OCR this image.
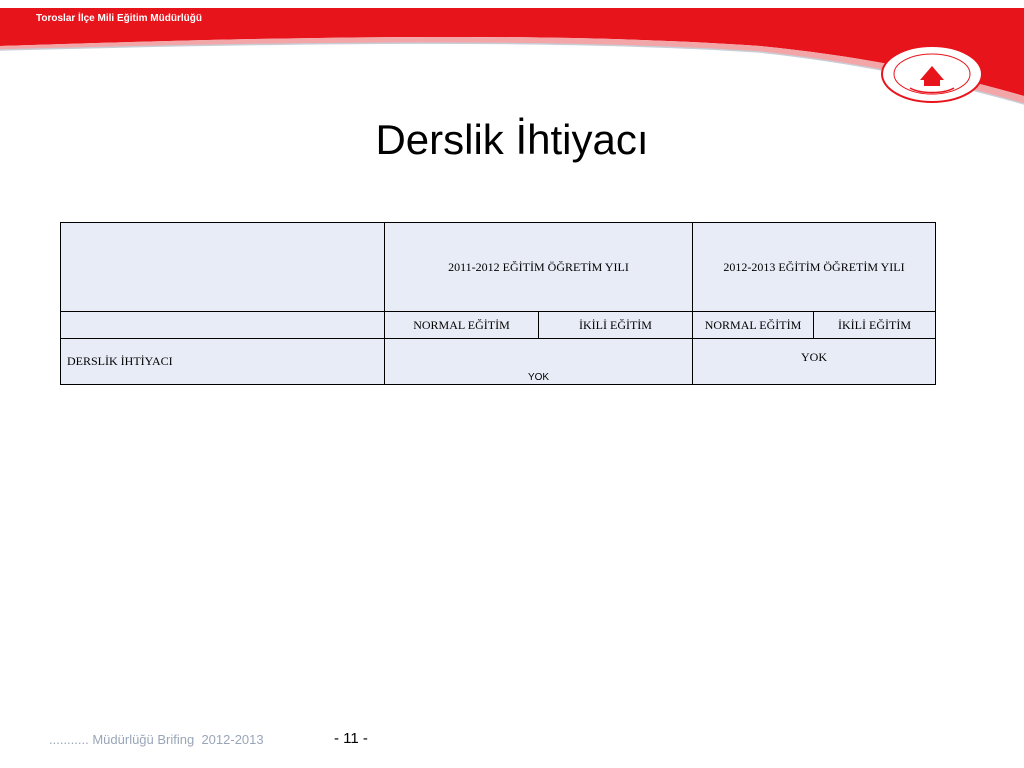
Toroslar İlçe Mili Eğitim Müdürlüğü
Derslik İhtiyacı
	2011-2012 EĞİTİM ÖĞRETİM YILI		2012-2013 EĞİTİM ÖĞRETİM YILI	
	NORMAL EĞİTİM	İKİLİ EĞİTİM	NORMAL EĞİTİM	İKİLİ EĞİTİM
DERSLİK İHTİYACI	YOK		YOK	
........... Müdürlüğü Brifing  2012-2013	- 11 -
